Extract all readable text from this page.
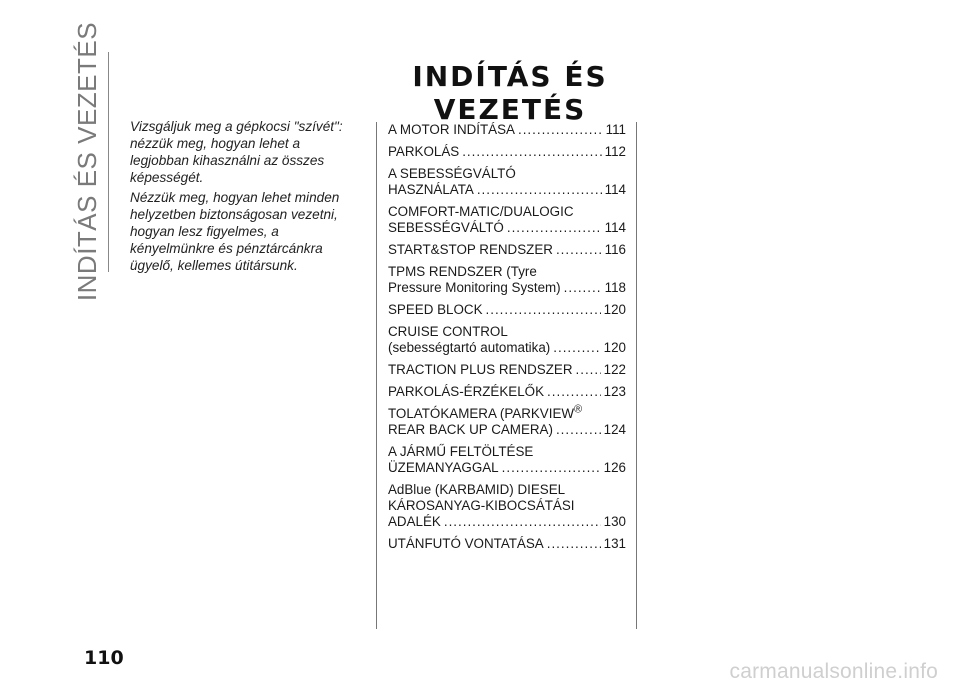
INDÍTÁS ÉS VEZETÉS	INDÍTÁS ÉS VEZETÉS

Vizsgáljuk meg a gépkocsi "szívét": nézzük meg, hogyan lehet a legjobban kihasználni az összes képességét.

Nézzük meg, hogyan lehet minden helyzetben biztonságosan vezetni, hogyan lesz figyelmes, a kényelmünkre és pénztárcánkra ügyelő, kellemes útitársunk.

A MOTOR INDÍTÁSA .....	111
PARKOLÁS .....	112
A SEBESSÉGVÁLTÓ
HASZNÁLATA .....	114
COMFORT-MATIC/DUALOGIC
SEBESSÉGVÁLTÓ .....	114
START&STOP RENDSZER .....	116
TPMS RENDSZER (Tyre
Pressure Monitoring System) .....	118
SPEED BLOCK .....	120
CRUISE CONTROL
(sebességtartó automatika) .....	120
TRACTION PLUS RENDSZER ..... 122
PARKOLÁS-ÉRZÉKELŐK .....	123
TOLATÓKAMERA (PARKVIEW®
REAR BACK UP CAMERA) .....	124
A JÁRMŰ FELTÖLTÉSE
ÜZEMANYAGGAL .....	126
AdBlue (KARBAMID) DIESEL
KÁROSANYAG-KIBOCSÁTÁSI
ADALÉK .....	130
UTÁNFUTÓ VONTATÁSA .....	131
110
carmanualsonline.info
